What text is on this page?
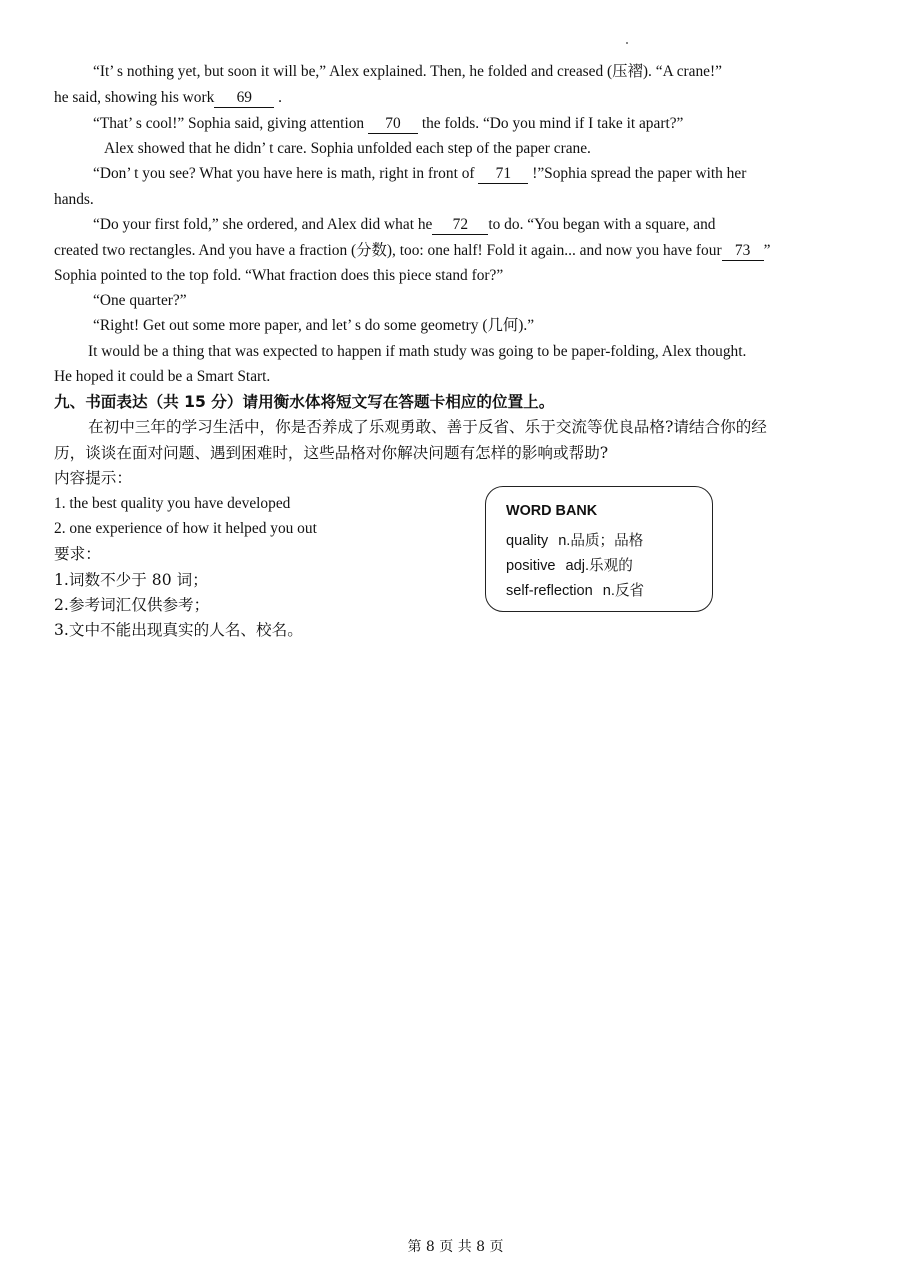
“It’ s nothing yet, but soon it will be,” Alex explained. Then, he folded and creased (压褶). “A crane!”
he said, showing his work 69 .
“That’ s cool!” Sophia said, giving attention 70 the folds. “Do you mind if I take it apart?”
Alex showed that he didn’ t care. Sophia unfolded each step of the paper crane.
“Don’ t you see? What you have here is math, right in front of 71 !”Sophia spread the paper with her
hands.
“Do your first fold,” she ordered, and Alex did what he 72 to do. “You began with a square, and
created two rectangles. And you have a fraction (分数), too: one half! Fold it again... and now you have four 73 ”
Sophia pointed to the top fold. “What fraction does this piece stand for?”
“One quarter?”
“Right! Get out some more paper, and let’ s do some geometry (几何).”
It would be a thing that was expected to happen if math study was going to be paper-folding, Alex thought.
He hoped it could be a Smart Start.
九、书面表达（共 15 分）请用衡水体将短文写在答题卡相应的位置上。
在初中三年的学习生活中，你是否养成了乐观勇敢、善于反省、乐于交流等优良品格?请结合你的经
历，谈谈在面对问题、遇到困难时，这些品格对你解决问题有怎样的影响或帮助?
内容提示：
1. the best quality you have developed
2. one experience of how it helped you out
要求：
1.词数不少于 80 词；
2.参考词汇仅供参考；
3.文中不能出现真实的人名、校名。
WORD BANK
quality n.品质；品格
positive adj.乐观的
self-reflection n.反省
第 8 页 共 8 页
